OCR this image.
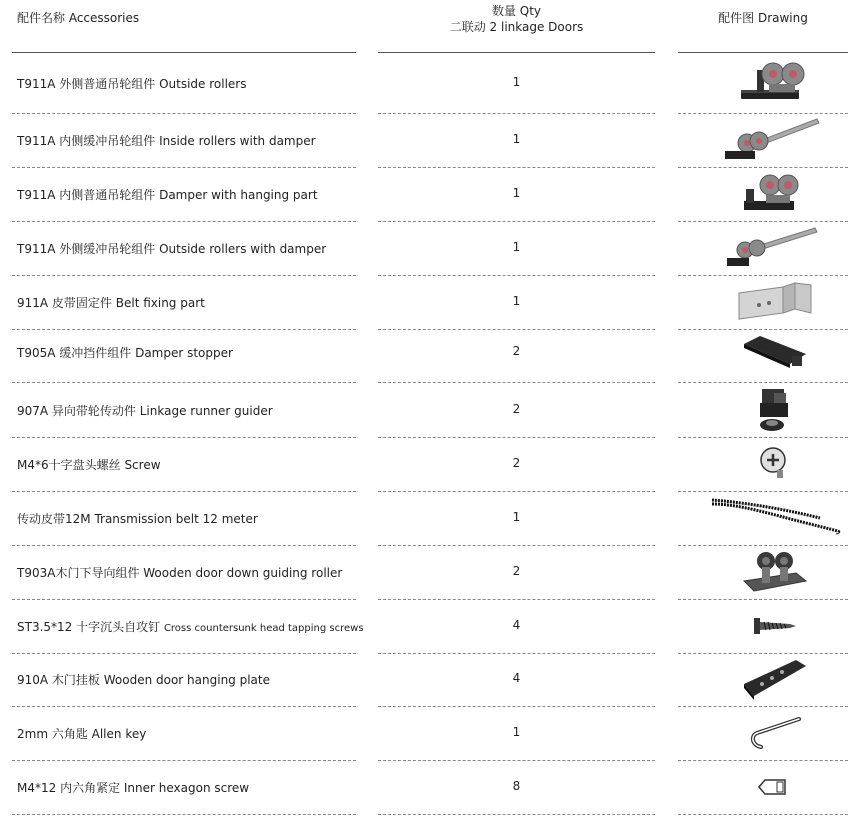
配件名称 Accessories	数量 Qty
二联动 2 linkage Doors
配件图 Drawing
T911A 外侧普通吊轮组件 Outside rollers	1
T911A 内侧缓冲吊轮组件 Inside rollers with damper	1
T911A 内侧普通吊轮组件 Damper with hanging part	1
T911A 外侧缓冲吊轮组件 Outside rollers with damper	1
911A 皮带固定件 Belt fixing part	1
T905A 缓冲挡件组件 Damper stopper	2
907A 异向带轮传动件 Linkage runner guider	2
M4*6十字盘头螺丝 Screw	2
传动皮带12M Transmission belt 12 meter	1
T903A木门下导向组件 Wooden door down guiding roller	2
ST3.5*12 十字沉头自攻钉 Cross countersunk head tapping screws	4
910A 木门挂板 Wooden door hanging plate	4
2mm 六角匙 Allen key	1
M4*12 内六角紧定 Inner hexagon screw	8
